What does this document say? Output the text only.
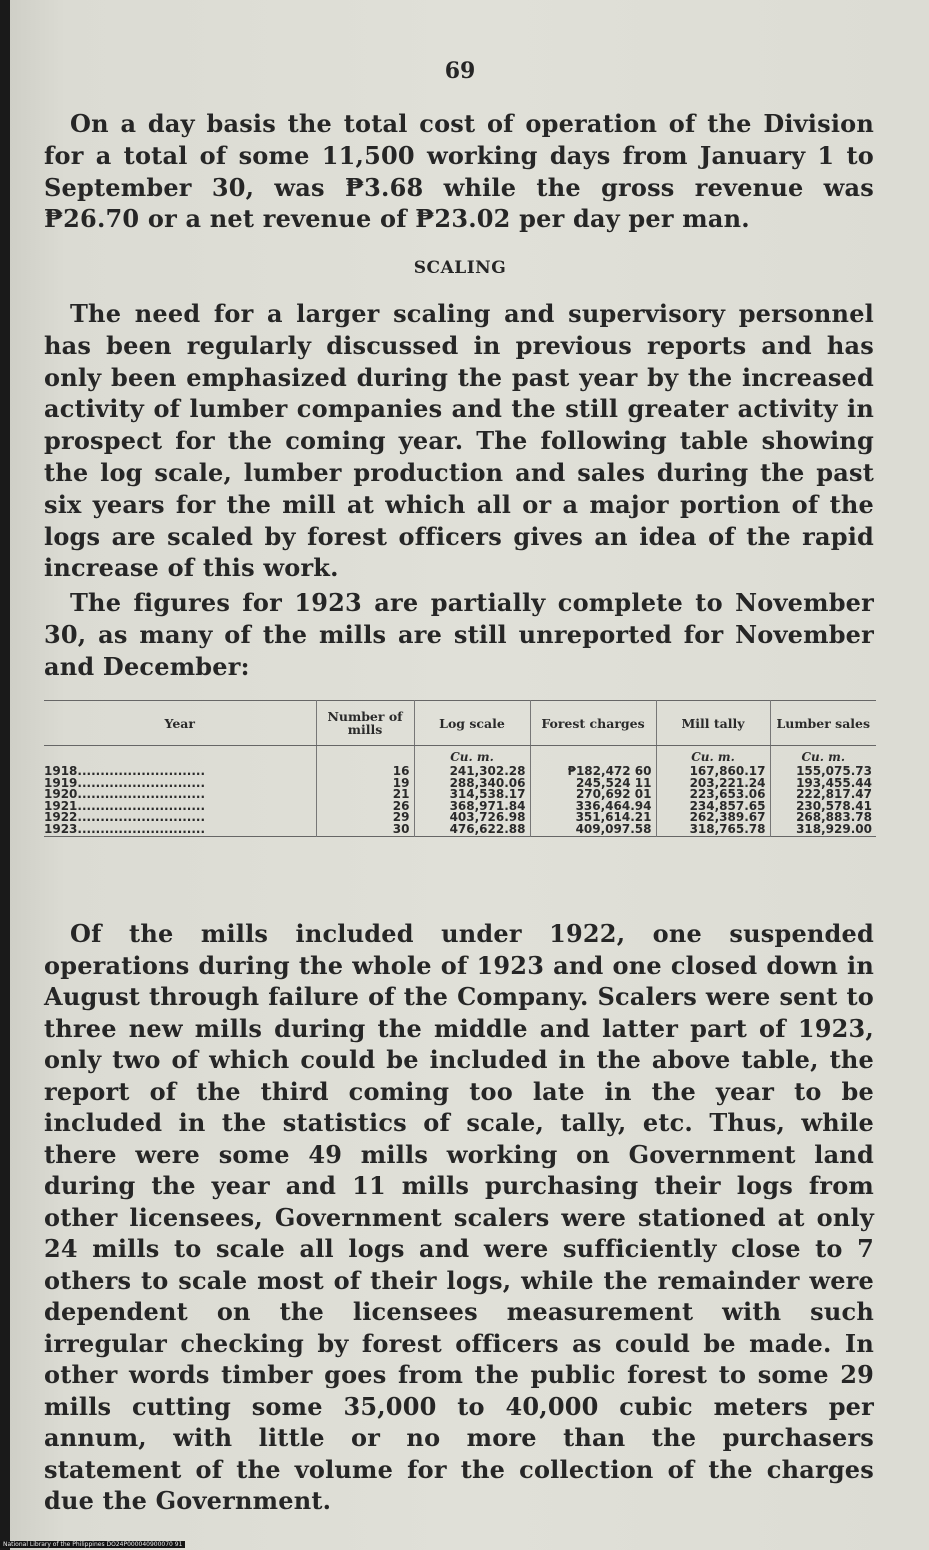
69

On a day basis the total cost of operation of the Division for a total of some 11,500 working days from January 1 to September 30, was ₱3.68 while the gross revenue was ₱26.70 or a net revenue of ₱23.02 per day per man.

SCALING

The need for a larger scaling and supervisory personnel has been regularly discussed in previous reports and has only been emphasized during the past year by the increased activity of lumber companies and the still greater activity in prospect for the coming year. The following table showing the log scale, lumber production and sales during the past six years for the mill at which all or a major portion of the logs are scaled by forest officers gives an idea of the rapid increase of this work.

The figures for 1923 are partially complete to November 30, as many of the mills are still unreported for November and December:

Year	Number of mills	Log scale	Forest charges	Mill tally	Lumber sales
		Cu. m.		Cu. m.	Cu. m.
1918............................	16	241,302.28	₱182,472 60	167,860.17	155,075.73
1919............................	19	288,340.06	245,524 11	203,221.24	193,455.44
1920............................	21	314,538.17	270,692 01	223,653.06	222,817.47
1921............................	26	368,971.84	336,464.94	234,857.65	230,578.41
1922............................	29	403,726.98	351,614.21	262,389.67	268,883.78
1923............................	30	476,622.88	409,097.58	318,765.78	318,929.00

Of the mills included under 1922, one suspended operations during the whole of 1923 and one closed down in August through failure of the Company. Scalers were sent to three new mills during the middle and latter part of 1923, only two of which could be included in the above table, the report of the third coming too late in the year to be included in the statistics of scale, tally, etc. Thus, while there were some 49 mills working on Government land during the year and 11 mills purchasing their logs from other licensees, Government scalers were stationed at only 24 mills to scale all logs and were sufficiently close to 7 others to scale most of their logs, while the remainder were dependent on the licensees measurement with such irregular checking by forest officers as could be made. In other words timber goes from the public forest to some 29 mills cutting some 35,000 to 40,000 cubic meters per annum, with little or no more than the purchasers statement of the volume for the collection of the charges due the Government.

National Library of the Philippines DO24P000040900070 91
